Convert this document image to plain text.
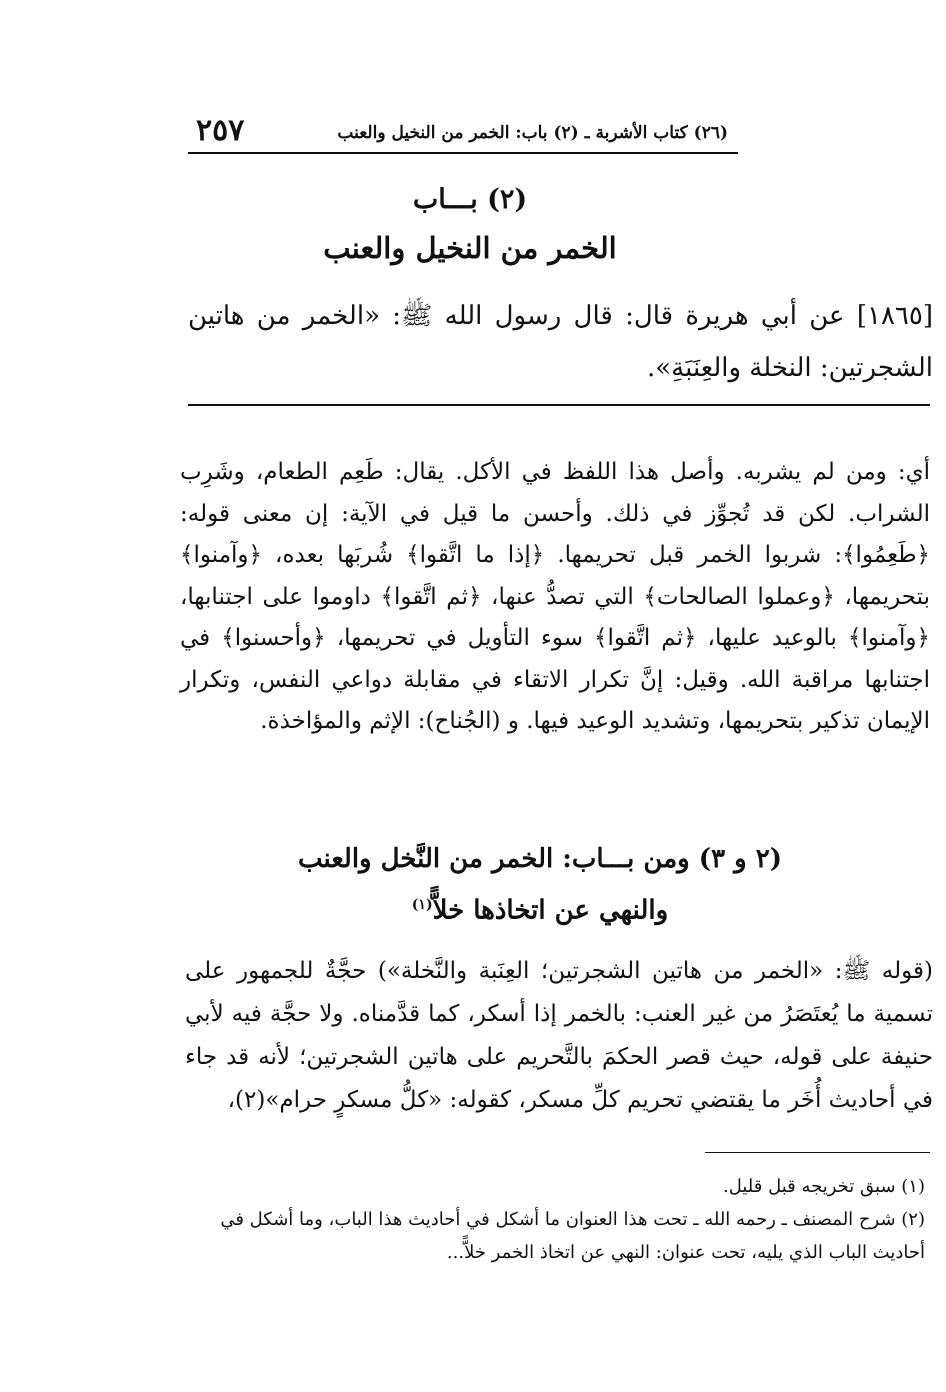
٢٥٧	(٢٦) كتاب الأشربة ـ (٢) باب: الخمر من النخيل والعنب
(٢) بـــاب
الخمر من النخيل والعنب
[١٨٦٥] عن أبي هريرة قال: قال رسول الله ﷺ: «الخمر من هاتين الشجرتين: النخلة والعِنَبَةِ».
أي: ومن لم يشربه. وأصل هذا اللفظ في الأكل. يقال: طَعِم الطعام، وشَرِب الشراب. لكن قد تُجوِّز في ذلك. وأحسن ما قيل في الآية: إن معنى قوله: ﴿طَعِمُوا﴾: شربوا الخمر قبل تحريمها. ﴿إذا ما اتَّقوا﴾ شُربَها بعده، ﴿وآمنوا﴾ بتحريمها، ﴿وعملوا الصالحات﴾ التي تصدُّ عنها، ﴿ثم اتَّقوا﴾ داوموا على اجتنابها، ﴿وآمنوا﴾ بالوعيد عليها، ﴿ثم اتَّقوا﴾ سوء التأويل في تحريمها، ﴿وأحسنوا﴾ في اجتنابها مراقبة الله. وقيل: إنَّ تكرار الاتقاء في مقابلة دواعي النفس، وتكرار الإيمان تذكير بتحريمها، وتشديد الوعيد فيها. و (الجُناح): الإثم والمؤاخذة.
(٢ و ٣) ومن بـــاب: الخمر من النَّخل والعنب
والنهي عن اتخاذها خلاًّ$^{(١)}$
(قوله ﷺ: «الخمر من هاتين الشجرتين؛ العِنَبة والنَّخلة») حجَّةٌ للجمهور على تسمية ما يُعتَصَرُ من غير العنب: بالخمر إذا أسكر، كما قدَّمناه. ولا حجَّة فيه لأبي حنيفة على قوله، حيث قصر الحكمَ بالتَّحريم على هاتين الشجرتين؛ لأنه قد جاء في أحاديث أُخَر ما يقتضي تحريم كلِّ مسكر، كقوله: «كلُّ مسكرٍ حرام»(٢)،
(١) سبق تخريجه قبل قليل.
(٢) شرح المصنف ـ رحمه الله ـ تحت هذا العنوان ما أشكل في أحاديث هذا الباب، وما أشكل في أحاديث الباب الذي يليه، تحت عنوان: النهي عن اتخاذ الخمر خلاًّ...
